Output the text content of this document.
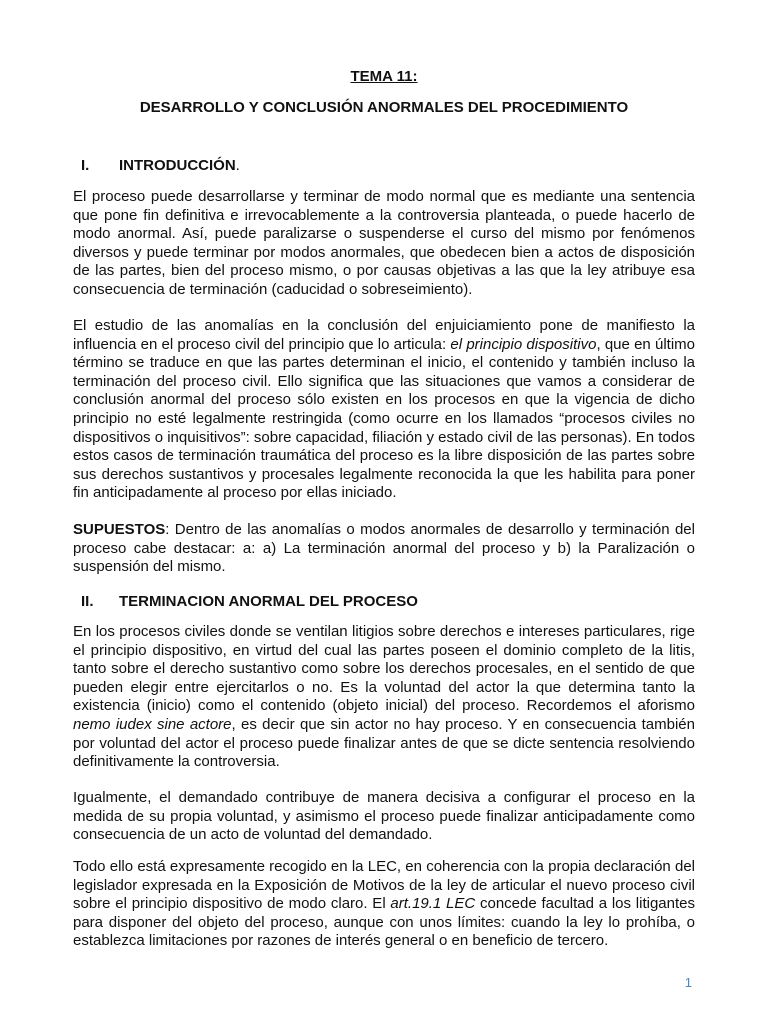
TEMA 11:
DESARROLLO Y CONCLUSIÓN ANORMALES DEL PROCEDIMIENTO
I.	INTRODUCCIÓN .

El proceso puede desarrollarse y terminar de modo normal que es mediante una sentencia que pone fin definitiva e irrevocablemente a la controversia planteada, o puede hacerlo de modo anormal. Así, puede paralizarse o suspenderse el curso del mismo por fenómenos diversos y puede terminar por modos anormales, que obedecen bien a actos de disposición de las partes, bien del proceso mismo, o por causas objetivas a las que la ley atribuye esa consecuencia de terminación (caducidad o sobreseimiento).

El estudio de las anomalías en la conclusión del enjuiciamiento pone de manifiesto la influencia en el proceso civil del principio que lo articula: el principio dispositivo, que en último término se traduce en que las partes determinan el inicio, el contenido y también incluso la terminación del proceso civil. Ello significa que las situaciones que vamos a considerar de conclusión anormal del proceso sólo existen en los procesos en que la vigencia de dicho principio no esté legalmente restringida (como ocurre en los llamados “procesos civiles no dispositivos o inquisitivos”: sobre capacidad, filiación y estado civil de las personas). En todos estos casos de terminación traumática del proceso es la libre disposición de las partes sobre sus derechos sustantivos y procesales legalmente reconocida la que les habilita para poner fin anticipadamente al proceso por ellas iniciado.

SUPUESTOS: Dentro de las anomalías o modos anormales de desarrollo y terminación del proceso cabe destacar: a: a) La terminación anormal del proceso y b) la Paralización o suspensión del mismo.

II.	TERMINACION ANORMAL DEL PROCESO

En los procesos civiles donde se ventilan litigios sobre derechos e intereses particulares, rige el principio dispositivo, en virtud del cual las partes poseen el dominio completo de la litis, tanto sobre el derecho sustantivo como sobre los derechos procesales, en el sentido de que pueden elegir entre ejercitarlos o no. Es la voluntad del actor la que determina tanto la existencia (inicio) como el contenido (objeto inicial) del proceso. Recordemos el aforismo nemo iudex sine actore, es decir que sin actor no hay proceso. Y en consecuencia también por voluntad del actor el proceso puede finalizar antes de que se dicte sentencia resolviendo definitivamente la controversia.

Igualmente, el demandado contribuye de manera decisiva a configurar el proceso en la medida de su propia voluntad, y asimismo el proceso puede finalizar anticipadamente como consecuencia de un acto de voluntad del demandado.

Todo ello está expresamente recogido en la LEC, en coherencia con la propia declaración del legislador expresada en la Exposición de Motivos de la ley de articular el nuevo proceso civil sobre el principio dispositivo de modo claro. El art.19.1 LEC concede facultad a los litigantes para disponer del objeto del proceso, aunque con unos límites: cuando la ley lo prohíba, o establezca limitaciones por razones de interés general o en beneficio de tercero.

1
